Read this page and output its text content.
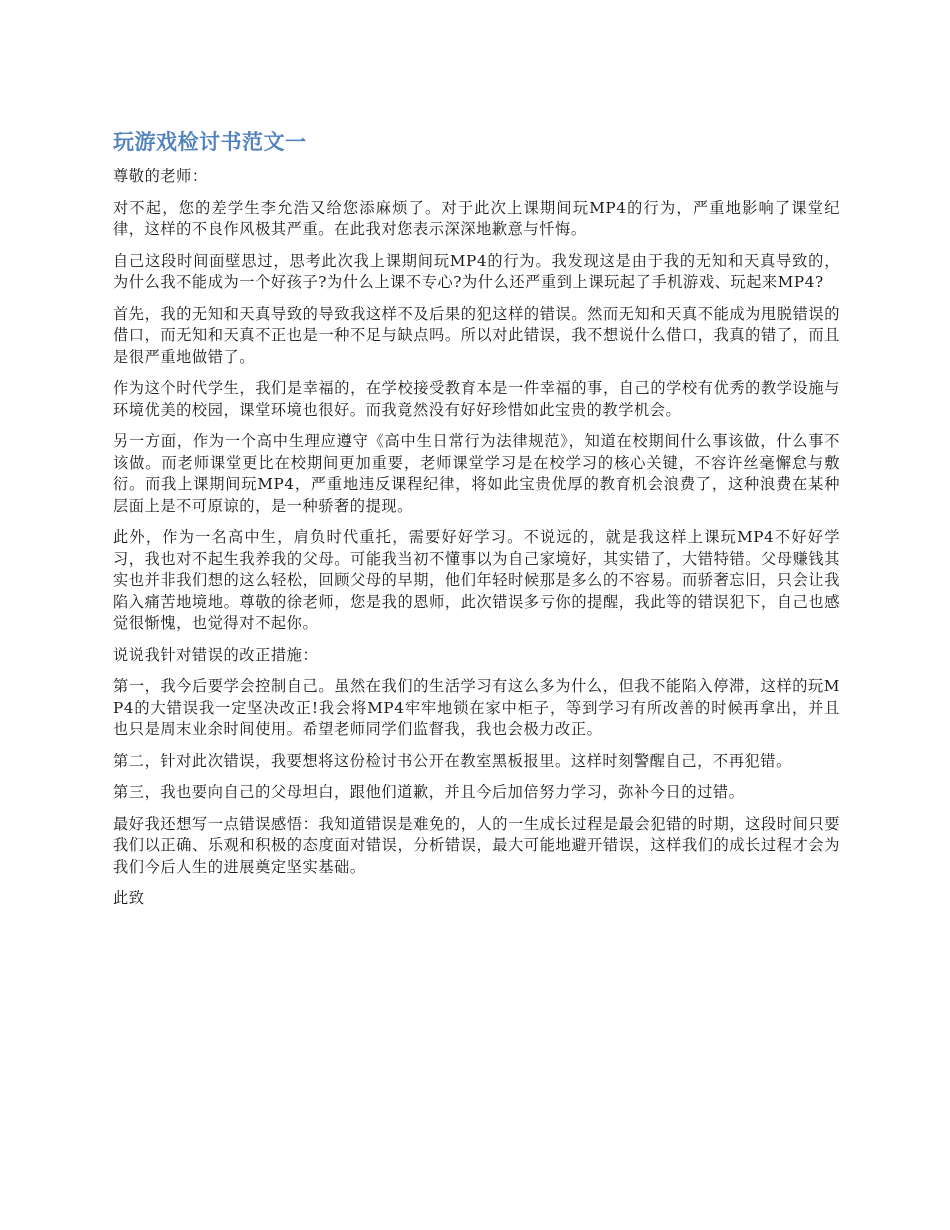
玩游戏检讨书范文一

尊敬的老师：

对不起，您的差学生李允浩又给您添麻烦了。对于此次上课期间玩MP4的行为，严重地影响了课堂纪律，这样的不良作风极其严重。在此我对您表示深深地歉意与忏悔。

自己这段时间面壁思过，思考此次我上课期间玩MP4的行为。我发现这是由于我的无知和天真导致的，为什么我不能成为一个好孩子?为什么上课不专心?为什么还严重到上课玩起了手机游戏、玩起来MP4?

首先，我的无知和天真导致的导致我这样不及后果的犯这样的错误。然而无知和天真不能成为甩脱错误的借口，而无知和天真不正也是一种不足与缺点吗。所以对此错误，我不想说什么借口，我真的错了，而且是很严重地做错了。

作为这个时代学生，我们是幸福的，在学校接受教育本是一件幸福的事，自己的学校有优秀的教学设施与环境优美的校园，课堂环境也很好。而我竟然没有好好珍惜如此宝贵的教学机会。

另一方面，作为一个高中生理应遵守《高中生日常行为法律规范》，知道在校期间什么事该做，什么事不该做。而老师课堂更比在校期间更加重要，老师课堂学习是在校学习的核心关键，不容许丝毫懈怠与敷衍。而我上课期间玩MP4，严重地违反课程纪律，将如此宝贵优厚的教育机会浪费了，这种浪费在某种层面上是不可原谅的，是一种骄奢的提现。

此外，作为一名高中生，肩负时代重托，需要好好学习。不说远的，就是我这样上课玩MP4不好好学习，我也对不起生我养我的父母。可能我当初不懂事以为自己家境好，其实错了，大错特错。父母赚钱其实也并非我们想的这么轻松，回顾父母的早期，他们年轻时候那是多么的不容易。而骄奢忘旧，只会让我陷入痛苦地境地。尊敬的徐老师，您是我的恩师，此次错误多亏你的提醒，我此等的错误犯下，自己也感觉很惭愧，也觉得对不起你。

说说我针对错误的改正措施：

第一，我今后要学会控制自己。虽然在我们的生活学习有这么多为什么，但我不能陷入停滞，这样的玩MP4的大错误我一定坚决改正!我会将MP4牢牢地锁在家中柜子，等到学习有所改善的时候再拿出，并且也只是周末业余时间使用。希望老师同学们监督我，我也会极力改正。

第二，针对此次错误，我要想将这份检讨书公开在教室黑板报里。这样时刻警醒自己，不再犯错。

第三，我也要向自己的父母坦白，跟他们道歉，并且今后加倍努力学习，弥补今日的过错。

最好我还想写一点错误感悟：我知道错误是难免的，人的一生成长过程是最会犯错的时期，这段时间只要我们以正确、乐观和积极的态度面对错误，分析错误，最大可能地避开错误，这样我们的成长过程才会为我们今后人生的进展奠定坚实基础。

此致
